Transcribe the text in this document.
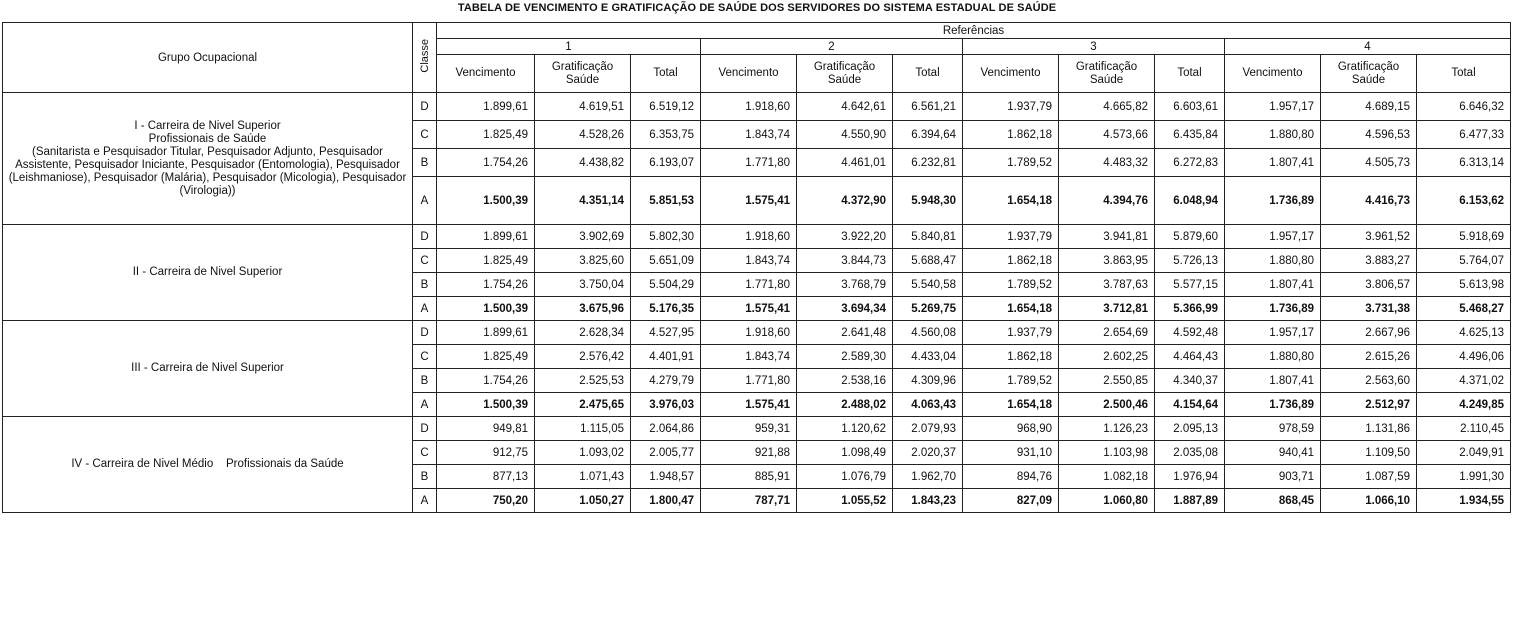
TABELA DE VENCIMENTO E GRATIFICAÇÃO DE SAÚDE DOS SERVIDORES DO SISTEMA ESTADUAL DE SAÚDE
Grupo Ocupacional	Classe	Referências											
		1			2			3			4		
		Vencimento	Gratificação Saúde	Total	Vencimento	Gratificação Saúde	Total	Vencimento	Gratificação Saúde	Total	Vencimento	Gratificação Saúde	Total
I - Carreira de Nivel Superior
Profissionais de Saúde
(Sanitarista e Pesquisador Titular, Pesquisador Adjunto, Pesquisador Assistente, Pesquisador Iniciante, Pesquisador (Entomologia), Pesquisador (Leishmaniose), Pesquisador (Malária), Pesquisador (Micologia), Pesquisador (Virologia))	D	1.899,61	4.619,51	6.519,12	1.918,60	4.642,61	6.561,21	1.937,79	4.665,82	6.603,61	1.957,17	4.689,15	6.646,32
	C	1.825,49	4.528,26	6.353,75	1.843,74	4.550,90	6.394,64	1.862,18	4.573,66	6.435,84	1.880,80	4.596,53	6.477,33
	B	1.754,26	4.438,82	6.193,07	1.771,80	4.461,01	6.232,81	1.789,52	4.483,32	6.272,83	1.807,41	4.505,73	6.313,14
	A	1.500,39	4.351,14	5.851,53	1.575,41	4.372,90	5.948,30	1.654,18	4.394,76	6.048,94	1.736,89	4.416,73	6.153,62
II - Carreira de Nivel Superior	D	1.899,61	3.902,69	5.802,30	1.918,60	3.922,20	5.840,81	1.937,79	3.941,81	5.879,60	1.957,17	3.961,52	5.918,69
	C	1.825,49	3.825,60	5.651,09	1.843,74	3.844,73	5.688,47	1.862,18	3.863,95	5.726,13	1.880,80	3.883,27	5.764,07
	B	1.754,26	3.750,04	5.504,29	1.771,80	3.768,79	5.540,58	1.789,52	3.787,63	5.577,15	1.807,41	3.806,57	5.613,98
	A	1.500,39	3.675,96	5.176,35	1.575,41	3.694,34	5.269,75	1.654,18	3.712,81	5.366,99	1.736,89	3.731,38	5.468,27
III - Carreira de Nivel Superior	D	1.899,61	2.628,34	4.527,95	1.918,60	2.641,48	4.560,08	1.937,79	2.654,69	4.592,48	1.957,17	2.667,96	4.625,13
	C	1.825,49	2.576,42	4.401,91	1.843,74	2.589,30	4.433,04	1.862,18	2.602,25	4.464,43	1.880,80	2.615,26	4.496,06
	B	1.754,26	2.525,53	4.279,79	1.771,80	2.538,16	4.309,96	1.789,52	2.550,85	4.340,37	1.807,41	2.563,60	4.371,02
	A	1.500,39	2.475,65	3.976,03	1.575,41	2.488,02	4.063,43	1.654,18	2.500,46	4.154,64	1.736,89	2.512,97	4.249,85
IV - Carreira de Nivel Médio    Profissionais da Saúde	D	949,81	1.115,05	2.064,86	959,31	1.120,62	2.079,93	968,90	1.126,23	2.095,13	978,59	1.131,86	2.110,45
	C	912,75	1.093,02	2.005,77	921,88	1.098,49	2.020,37	931,10	1.103,98	2.035,08	940,41	1.109,50	2.049,91
	B	877,13	1.071,43	1.948,57	885,91	1.076,79	1.962,70	894,76	1.082,18	1.976,94	903,71	1.087,59	1.991,30
	A	750,20	1.050,27	1.800,47	787,71	1.055,52	1.843,23	827,09	1.060,80	1.887,89	868,45	1.066,10	1.934,55
